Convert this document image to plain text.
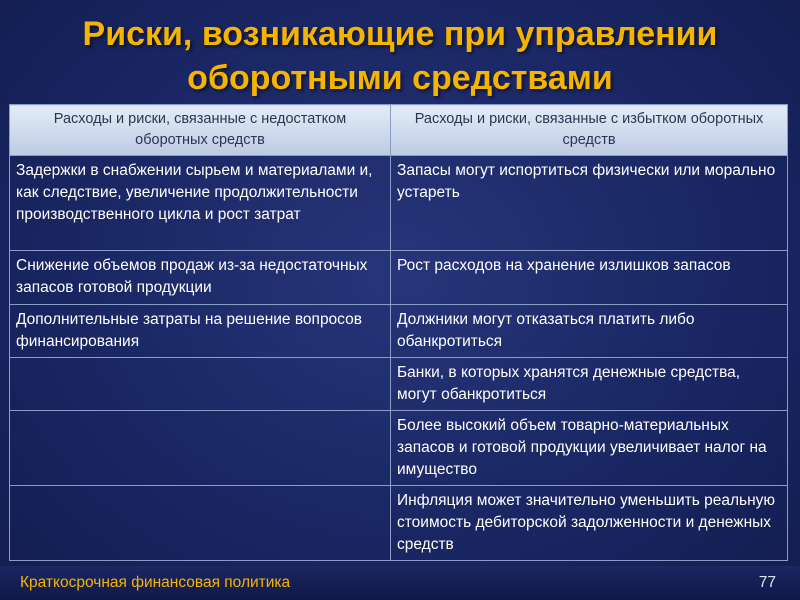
Риски, возникающие при управлении
оборотными средствами
Расходы и риски, связанные с недостатком оборотных средств	Расходы и риски, связанные с избытком оборотных средств
Задержки в снабжении сырьем и материалами и, как следствие, увеличение продолжительности производственного цикла и рост затрат	Запасы могут испортиться физически или морально устареть
Снижение объемов продаж из-за недостаточных запасов готовой продукции	Рост расходов на хранение излишков запасов
Дополнительные затраты на решение вопросов финансирования	Должники могут отказаться платить либо обанкротиться
	Банки, в которых хранятся денежные средства, могут обанкротиться
	Более высокий объем товарно-материальных запасов и готовой продукции увеличивает налог на имущество
	Инфляция может значительно уменьшить реальную стоимость дебиторской задолженности и денежных средств
Краткосрочная финансовая политика	77
